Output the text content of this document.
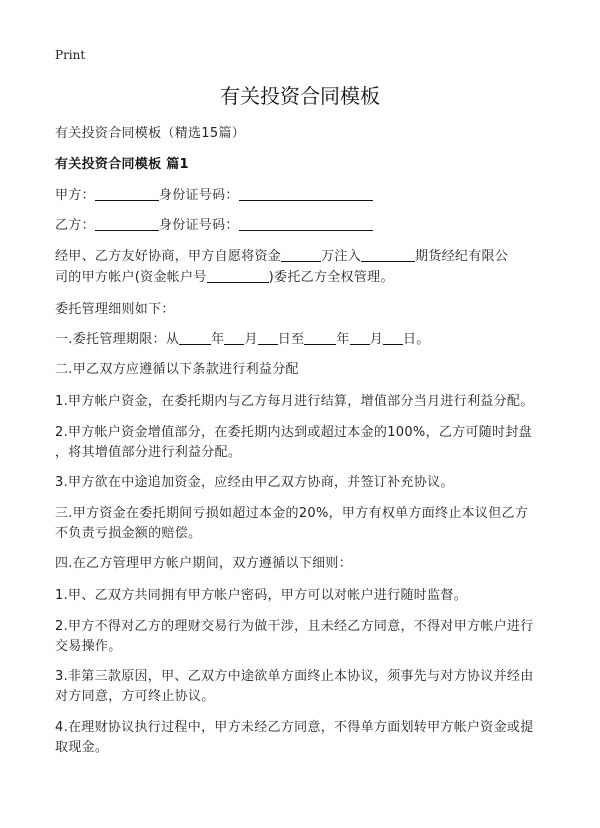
Print
有关投资合同模板
有关投资合同模板（精选15篇）
有关投资合同模板 篇1
甲方：	身份证号码：
乙方：	身份证号码：
经甲、乙方友好协商，甲方自愿将资金	万注入	期货经纪有限公
司的甲方帐户(资金帐户号	)委托乙方全权管理。
委托管理细则如下：
一.委托管理期限：从 年 月 日至 年 月 日。
二.甲乙双方应遵循以下条款进行利益分配
1.甲方帐户资金，在委托期内与乙方每月进行结算，增值部分当月进行利益分配。
2.甲方帐户资金增值部分，在委托期内达到或超过本金的100%，乙方可随时封盘
，将其增值部分进行利益分配。
3.甲方欲在中途追加资金，应经由甲乙双方协商，并签订补充协议。
三.甲方资金在委托期间亏损如超过本金的20%，甲方有权单方面终止本议但乙方
不负责亏损金额的赔偿。
四.在乙方管理甲方帐户期间，双方遵循以下细则：
1.甲、乙双方共同拥有甲方帐户密码，甲方可以对帐户进行随时监督。
2.甲方不得对乙方的理财交易行为做干涉，且未经乙方同意，不得对甲方帐户进行
交易操作。
3.非第三款原因，甲、乙双方中途欲单方面终止本协议，须事先与对方协议并经由
对方同意，方可终止协议。
4.在理财协议执行过程中，甲方未经乙方同意，不得单方面划转甲方帐户资金或提
取现金。
